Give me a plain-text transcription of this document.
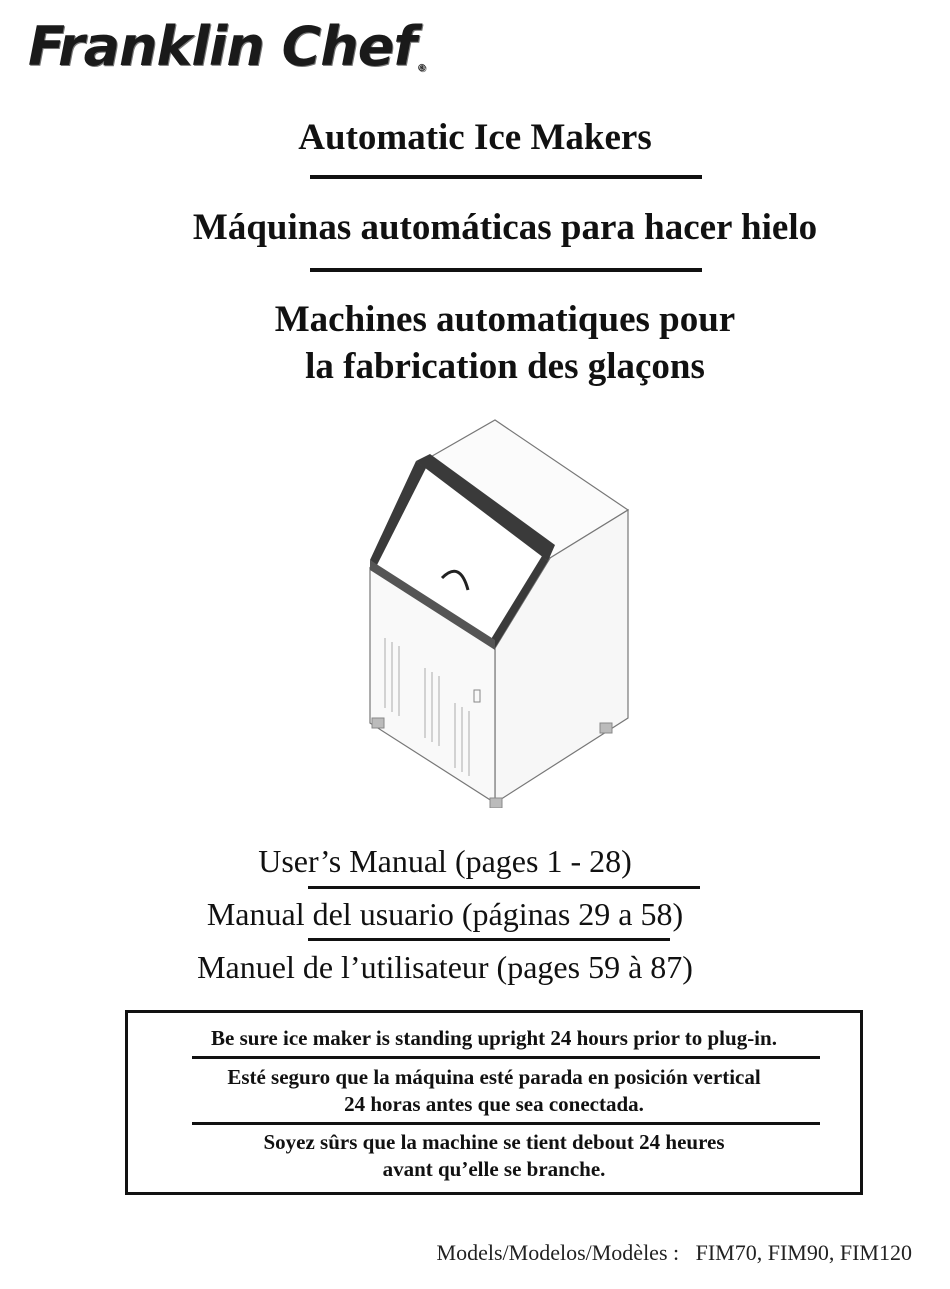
Franklin Chef®
Automatic Ice Makers
Máquinas automáticas para hacer hielo
Machines automatiques pour
la fabrication des glaçons
User’s Manual (pages 1 - 28)
Manual del usuario (páginas 29 a 58)
Manuel de l’utilisateur (pages 59 à 87)
Be sure ice maker is standing upright 24 hours prior to plug-in.
Esté seguro que la máquina esté parada en posición vertical
24 horas antes que sea conectada.
Soyez sûrs que la machine se tient debout 24 heures
avant qu’elle se branche.
Models/Modelos/Modèles : FIM70, FIM90, FIM120
